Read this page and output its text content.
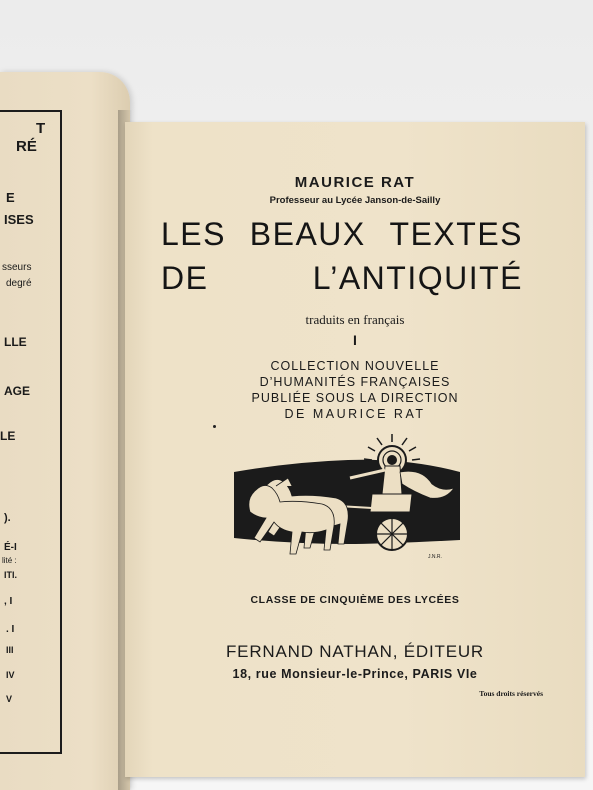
T
RÉ
E
ISES
sseurs
degré
LLE
AGE
LE
).
É-I
lité :
ITI.
, I
. I
III
IV
V
MAURICE RAT
Professeur au Lycée Janson-de-Sailly
LES BEAUX TEXTES
DE	L’ANTIQUITÉ
traduits en français
I
COLLECTION NOUVELLE
D’HUMANITÉS FRANÇAISES
PUBLIÉE SOUS LA DIRECTION
DE MAURICE RAT
J.N.R.
CLASSE DE CINQUIÈME DES LYCÉES
FERNAND NATHAN, ÉDITEUR
18, rue Monsieur-le-Prince, PARIS VIe
Tous droits réservés
